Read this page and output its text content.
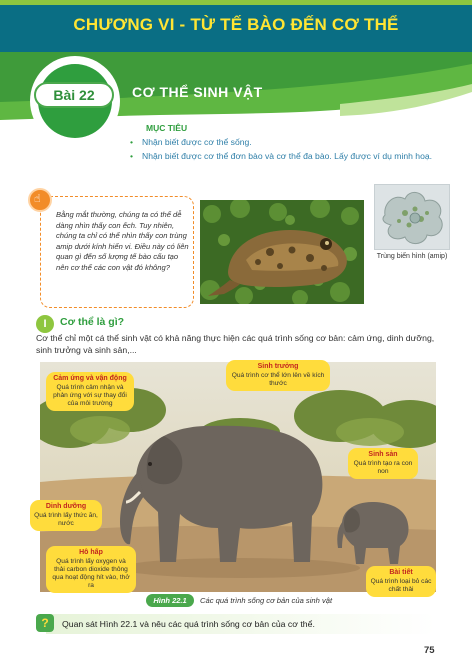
CHƯƠNG VI - TỪ TẾ BÀO ĐẾN CƠ THỂ
Bài 22	CƠ THỂ SINH VẬT
MỤC TIÊU
• Nhận biết được cơ thể sống.
• Nhận biết được cơ thể đơn bào và cơ thể đa bào. Lấy được ví dụ minh hoạ.
☝
Bằng mắt thường, chúng ta có thể dễ dàng nhìn thấy con ếch. Tuy nhiên, chúng ta chỉ có thể nhìn thấy con trùng amip dưới kính hiển vi. Điều này có liên quan gì đến số lượng tế bào cấu tạo nên cơ thể các con vật đó không?
Trùng biến hình (amip)
I	Cơ thể là gì?
Cơ thể chỉ một cá thể sinh vật có khả năng thực hiện các quá trình sống cơ bản: cảm ứng, dinh dưỡng, sinh trưởng và sinh sản,...
Cảm ứng và vận động
Quá trình cảm nhận và phản ứng với sự thay đổi của môi trường
Sinh trưởng
Quá trình cơ thể lớn lên về kích thước
Sinh sản
Quá trình tạo ra con non
Dinh dưỡng
Quá trình lấy thức ăn, nước
Hô hấp
Quá trình lấy oxygen và thải carbon dioxide thông qua hoạt động hít vào, thở ra
Bài tiết
Quá trình loại bỏ các chất thải
Hình 22.1	Các quá trình sống cơ bản của sinh vật
?	Quan sát Hình 22.1 và nêu các quá trình sống cơ bản của cơ thể.
75
